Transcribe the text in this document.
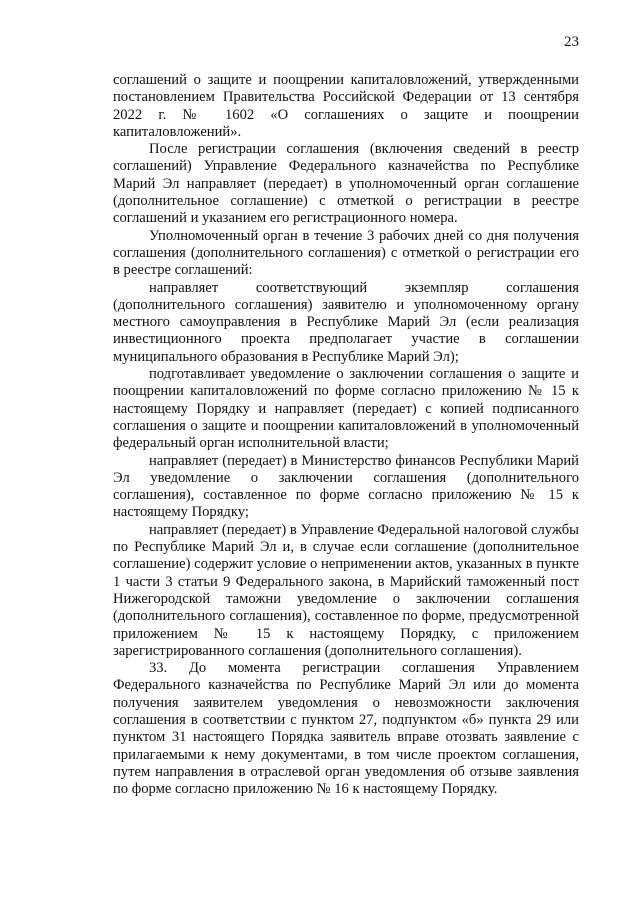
23

соглашений о защите и поощрении капиталовложений, утвержденными постановлением Правительства Российской Федерации от 13 сентября 2022 г. № 1602 «О соглашениях о защите и поощрении капиталовложений».

После регистрации соглашения (включения сведений в реестр соглашений) Управление Федерального казначейства по Республике Марий Эл направляет (передает) в уполномоченный орган соглашение (дополнительное соглашение) с отметкой о регистрации в реестре соглашений и указанием его регистрационного номера.

Уполномоченный орган в течение 3 рабочих дней со дня получения соглашения (дополнительного соглашения) с отметкой о регистрации его в реестре соглашений:

направляет соответствующий экземпляр соглашения (дополнительного соглашения) заявителю и уполномоченному органу местного самоуправления в Республике Марий Эл (если реализация инвестиционного проекта предполагает участие в соглашении муниципального образования в Республике Марий Эл);

подготавливает уведомление о заключении соглашения о защите и поощрении капиталовложений по форме согласно приложению № 15 к настоящему Порядку и направляет (передает) с копией подписанного соглашения о защите и поощрении капиталовложений в уполномоченный федеральный орган исполнительной власти;

направляет (передает) в Министерство финансов Республики Марий Эл уведомление о заключении соглашения (дополнительного соглашения), составленное по форме согласно приложению № 15 к настоящему Порядку;

направляет (передает) в Управление Федеральной налоговой службы по Республике Марий Эл и, в случае если соглашение (дополнительное соглашение) содержит условие о неприменении актов, указанных в пункте 1 части 3 статьи 9 Федерального закона, в Марийский таможенный пост Нижегородской таможни уведомление о заключении соглашения (дополнительного соглашения), составленное по форме, предусмотренной приложением № 15 к настоящему Порядку, с приложением зарегистрированного соглашения (дополнительного соглашения).

33. До момента регистрации соглашения Управлением Федерального казначейства по Республике Марий Эл или до момента получения заявителем уведомления о невозможности заключения соглашения в соответствии с пунктом 27, подпунктом «б» пункта 29 или пунктом 31 настоящего Порядка заявитель вправе отозвать заявление с прилагаемыми к нему документами, в том числе проектом соглашения, путем направления в отраслевой орган уведомления об отзыве заявления по форме согласно приложению № 16 к настоящему Порядку.
